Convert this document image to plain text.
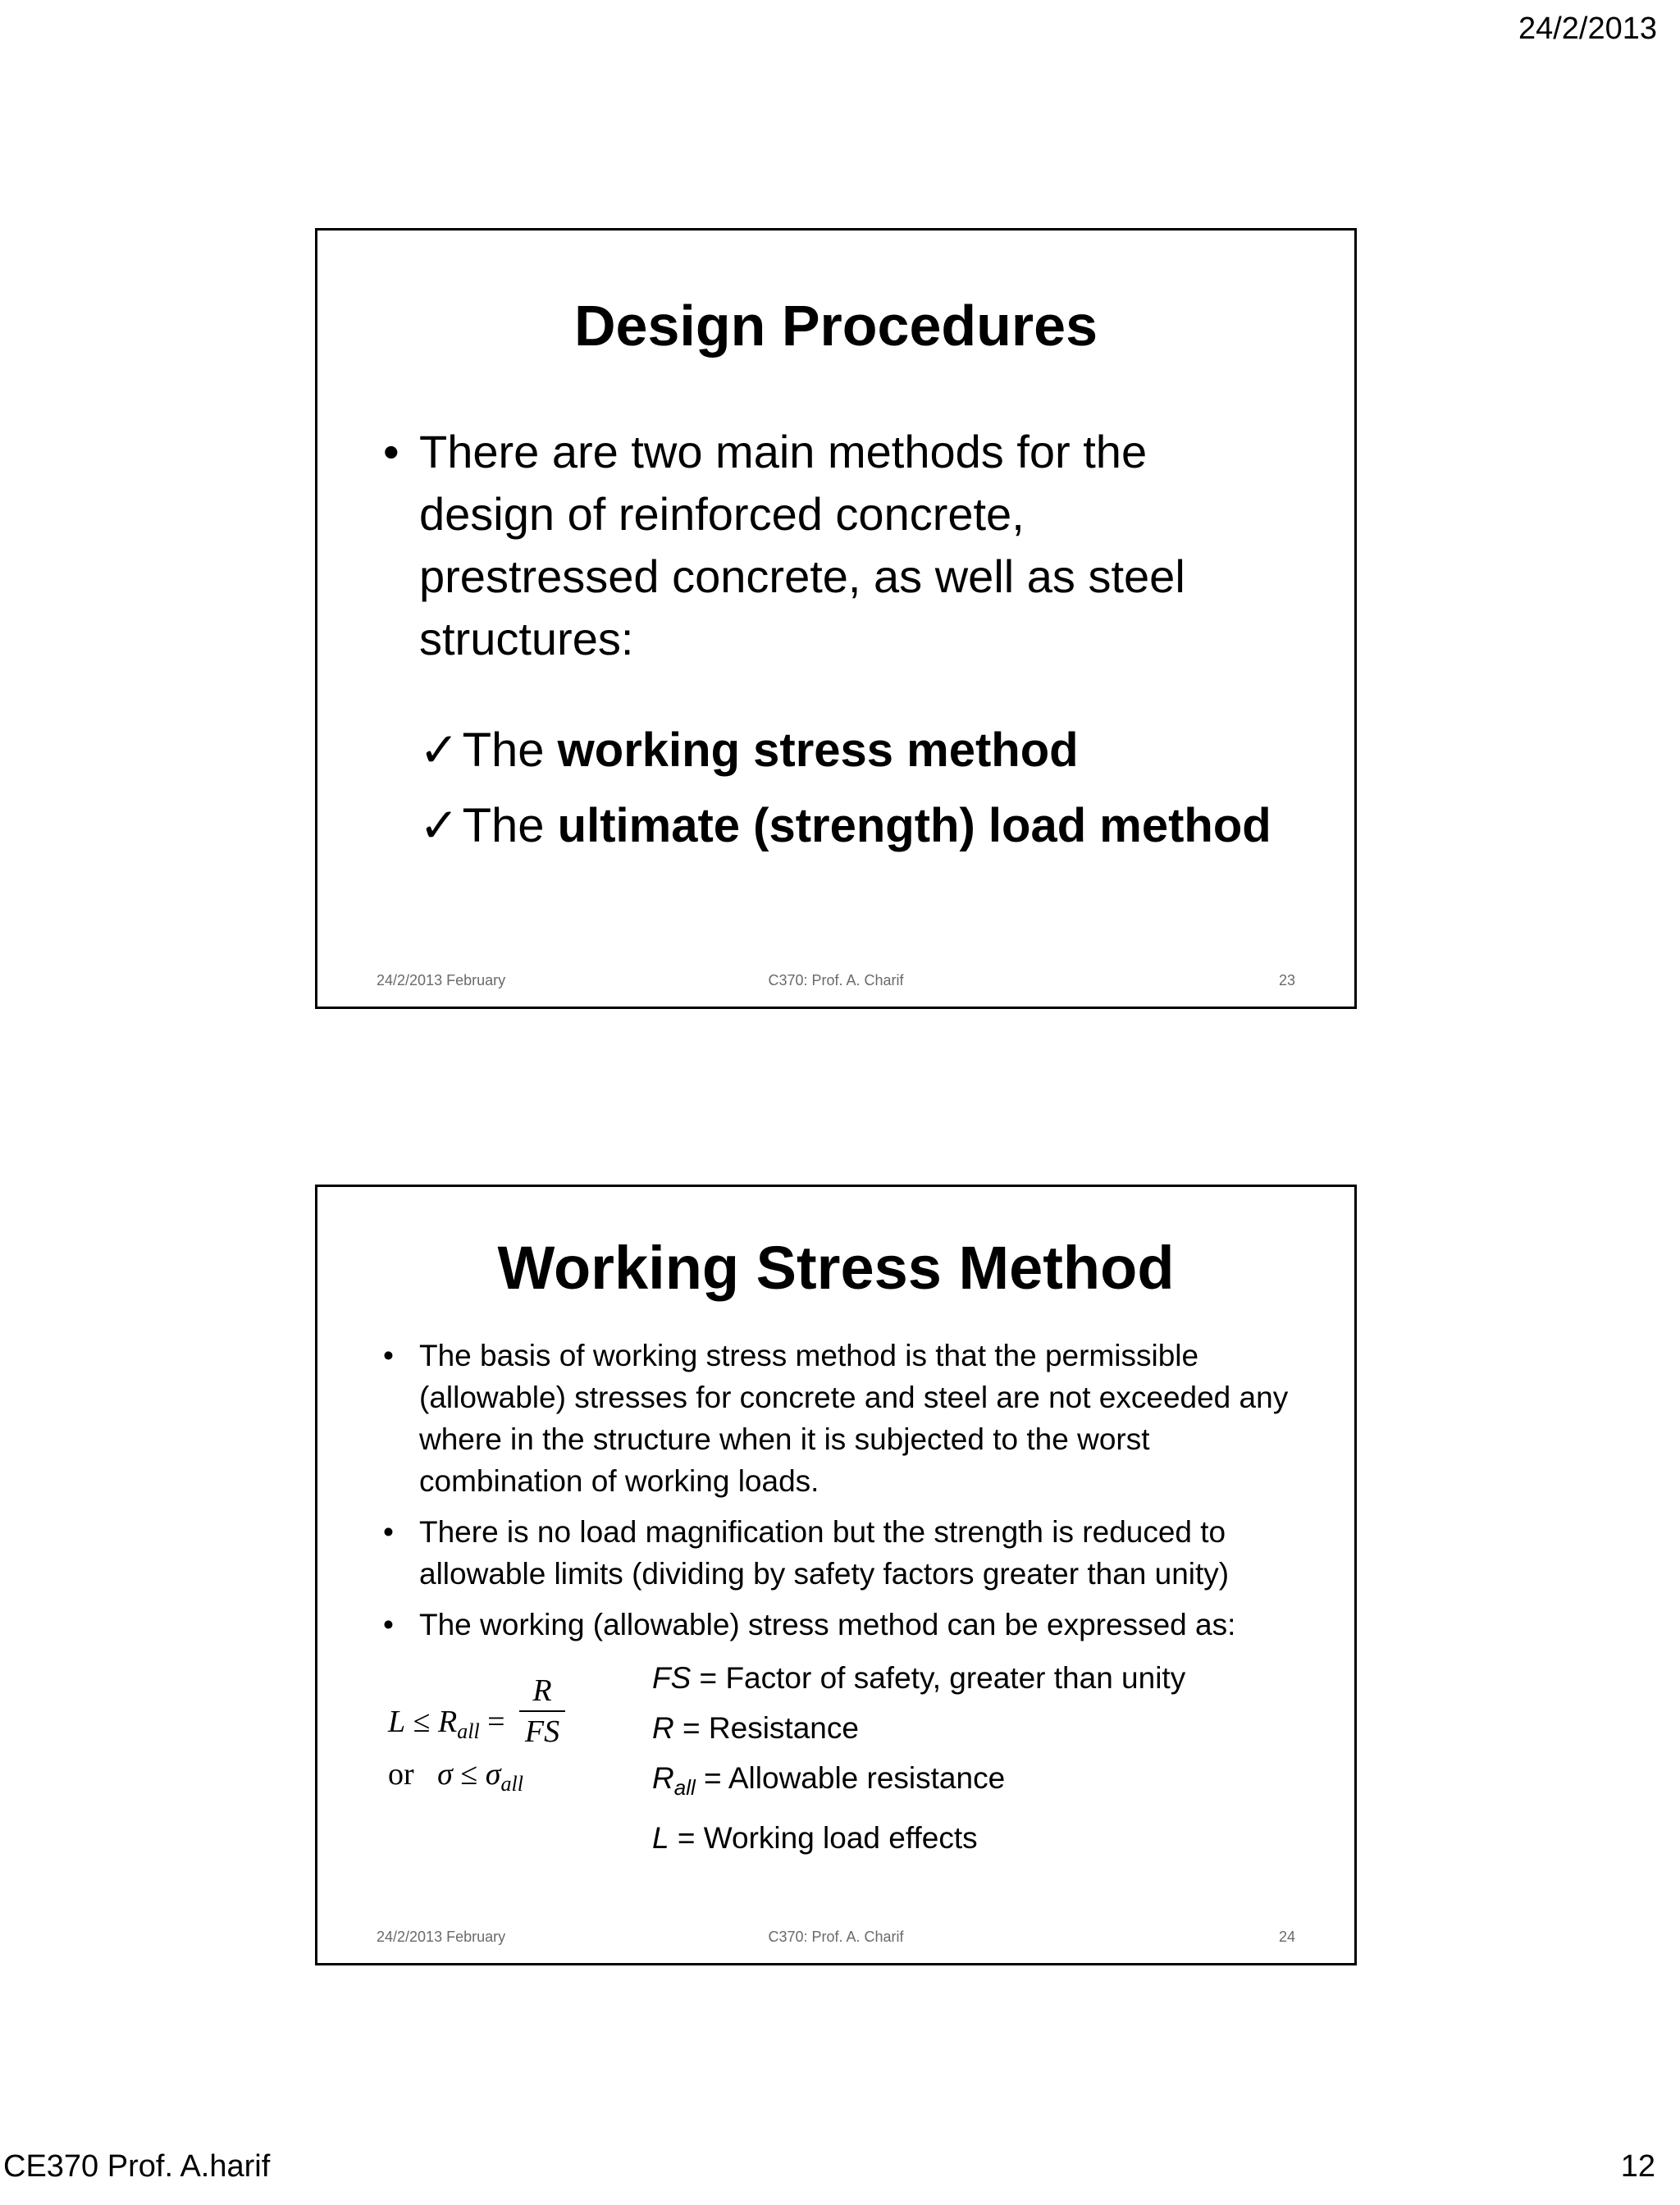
24/2/2013
Design Procedures
• There are two main methods for the design of reinforced concrete, prestressed concrete, as well as steel structures:
✓The working stress method
✓The ultimate (strength) load method
24/2/2013 February	C370: Prof. A. Charif	23
Working Stress Method
• The basis of working stress method is that the permissible (allowable) stresses for concrete and steel are not exceeded any where in the structure when it is subjected to the worst combination of working loads.
• There is no load magnification but the strength is reduced to allowable limits (dividing by safety factors greater than unity)
• The working (allowable) stress method can be expressed as:
$L \le R_{all}$ =
R
FS
or $\sigma \le \sigma_{all}$
FS = Factor of safety, greater than unity
R = Resistance
$R_{all}$ = Allowable resistance
L = Working load effects
24/2/2013 February	C370: Prof. A. Charif	24
CE370 Prof. A.harif	12
